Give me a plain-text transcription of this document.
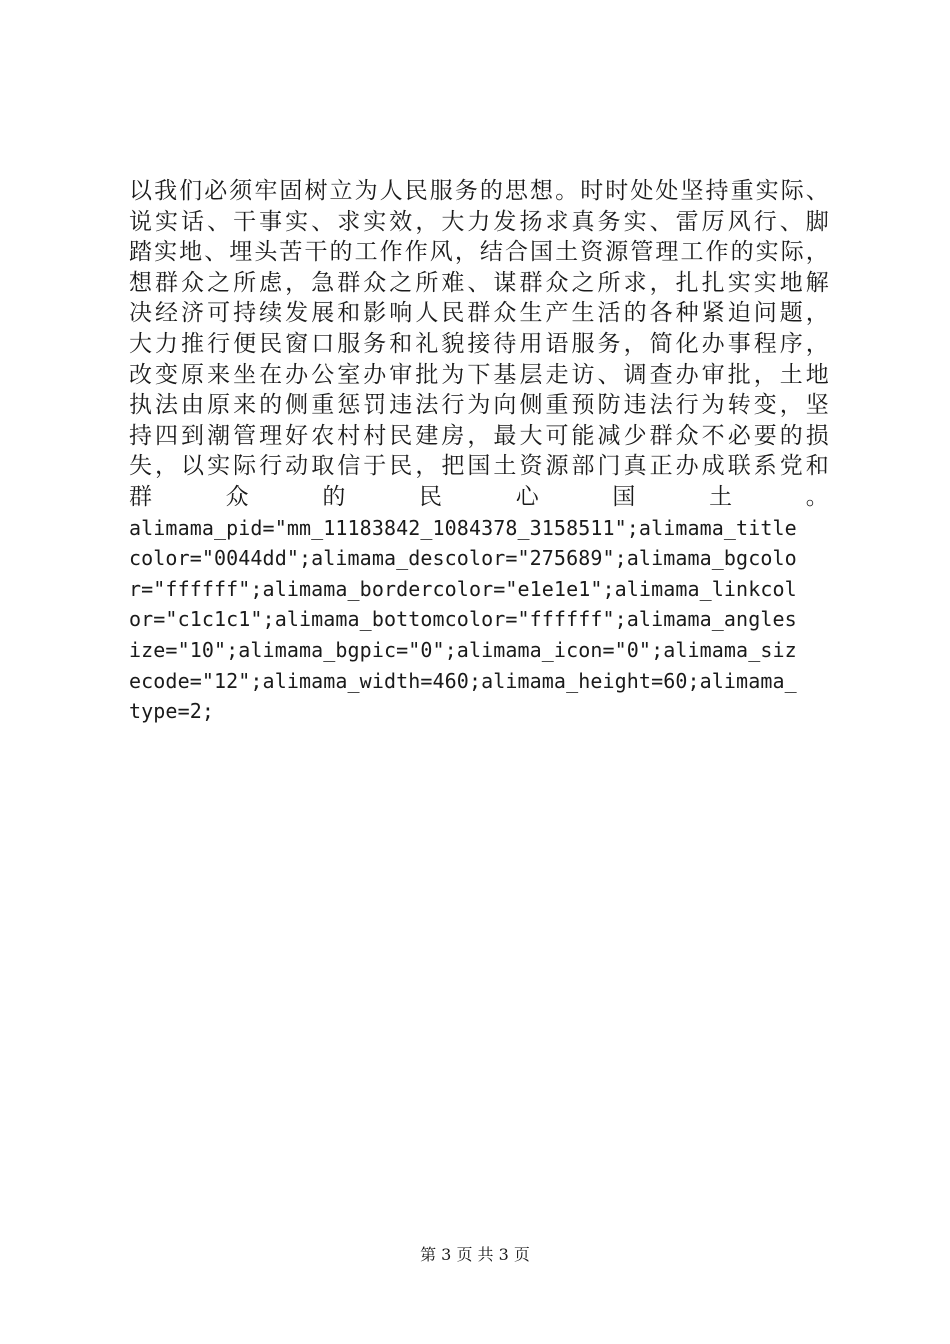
以我们必须牢固树立为人民服务的思想。时时处处坚持重实际、
说实话、干事实、求实效，大力发扬求真务实、雷厉风行、脚
踏实地、埋头苦干的工作作风，结合国土资源管理工作的实际，
想群众之所虑，急群众之所难、谋群众之所求，扎扎实实地解
决经济可持续发展和影响人民群众生产生活的各种紧迫问题，
大力推行便民窗口服务和礼貌接待用语服务，简化办事程序，
改变原来坐在办公室办审批为下基层走访、调查办审批，土地
执法由原来的侧重惩罚违法行为向侧重预防违法行为转变，坚
持四到潮管理好农村村民建房，最大可能减少群众不必要的损
失，以实际行动取信于民，把国土资源部门真正办成联系党和
群　　众　　的　　民　　心　　国　　土　　。
alimama_pid="mm_11183842_1084378_3158511";alimama_title
color="0044dd";alimama_descolor="275689";alimama_bgcolo
r="ffffff";alimama_bordercolor="e1e1e1";alimama_linkcol
or="c1c1c1";alimama_bottomcolor="ffffff";alimama_angles
ize="10";alimama_bgpic="0";alimama_icon="0";alimama_siz
ecode="12";alimama_width=460;alimama_height=60;alimama_
type=2;
第 3 页 共 3 页
